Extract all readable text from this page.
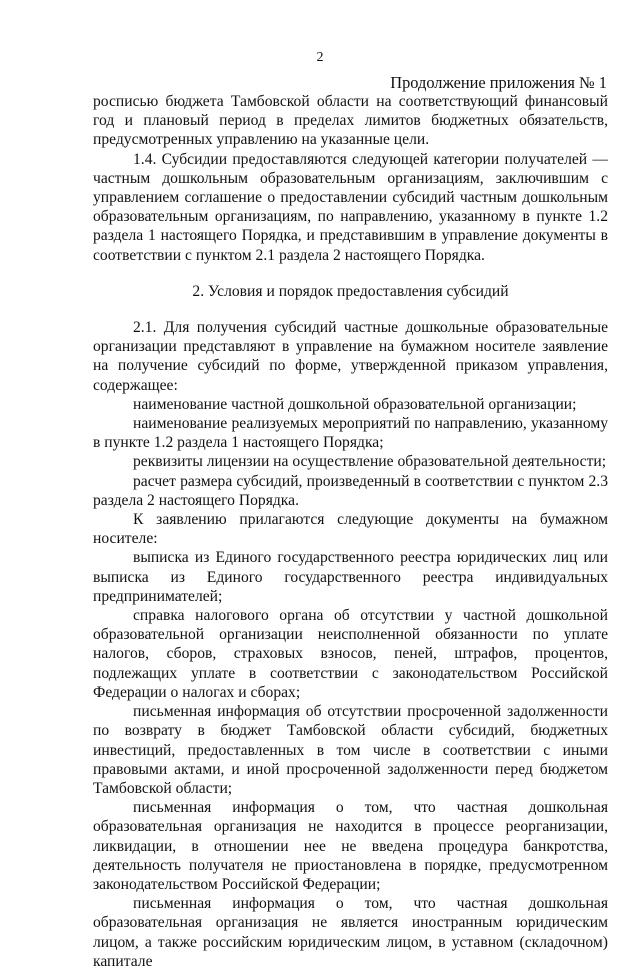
2
Продолжение приложения № 1

росписью бюджета Тамбовской области на соответствующий финансовый год и плановый период в пределах лимитов бюджетных обязательств, предусмотренных управлению на указанные цели.

1.4. Субсидии предоставляются следующей категории получателей — частным дошкольным образовательным организациям, заключившим с управлением соглашение о предоставлении субсидий частным дошкольным образовательным организациям, по направлению, указанному в пункте 1.2 раздела 1 настоящего Порядка, и представившим в управление документы в соответствии с пунктом 2.1 раздела 2 настоящего Порядка.

2. Условия и порядок предоставления субсидий

2.1. Для получения субсидий частные дошкольные образовательные организации представляют в управление на бумажном носителе заявление на получение субсидий по форме, утвержденной приказом управления, содержащее:

наименование частной дошкольной образовательной организации;

наименование реализуемых мероприятий по направлению, указанному в пункте 1.2 раздела 1 настоящего Порядка;

реквизиты лицензии на осуществление образовательной деятельности;

расчет размера субсидий, произведенный в соответствии с пунктом 2.3 раздела 2 настоящего Порядка.

К заявлению прилагаются следующие документы на бумажном носителе:

выписка из Единого государственного реестра юридических лиц или выписка из Единого государственного реестра индивидуальных предпринимателей;

справка налогового органа об отсутствии у частной дошкольной образовательной организации неисполненной обязанности по уплате налогов, сборов, страховых взносов, пеней, штрафов, процентов, подлежащих уплате в соответствии с законодательством Российской Федерации о налогах и сборах;

письменная информация об отсутствии просроченной задолженности по возврату в бюджет Тамбовской области субсидий, бюджетных инвестиций, предоставленных в том числе в соответствии с иными правовыми актами, и иной просроченной задолженности перед бюджетом Тамбовской области;

письменная информация о том, что частная дошкольная образовательная организация не находится в процессе реорганизации, ликвидации, в отношении нее не введена процедура банкротства, деятельность получателя не приостановлена в порядке, предусмотренном законодательством Российской Федерации;

письменная информация о том, что частная дошкольная образовательная организация не является иностранным юридическим лицом, а также российским юридическим лицом, в уставном (складочном) капитале
